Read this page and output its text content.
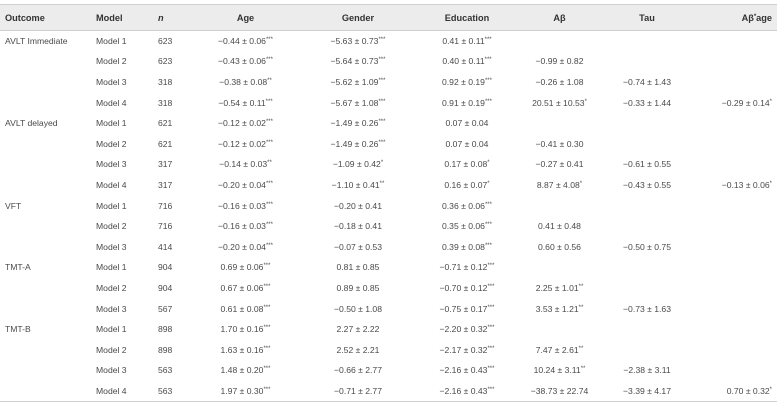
Outcome	Model	n	Age	Gender	Education	Aβ	Tau	Aβ*age
AVLT Immediate	Model 1	623	−0.44 ± 0.06***	−5.63 ± 0.73***	0.41 ± 0.11***			
	Model 2	623	−0.43 ± 0.06***	−5.64 ± 0.73***	0.40 ± 0.11***	−0.99 ± 0.82		
	Model 3	318	−0.38 ± 0.08**	−5.62 ± 1.09***	0.92 ± 0.19***	−0.26 ± 1.08	−0.74 ± 1.43	
	Model 4	318	−0.54 ± 0.11***	−5.67 ± 1.08***	0.91 ± 0.19***	20.51 ± 10.53*	−0.33 ± 1.44	−0.29 ± 0.14*
AVLT delayed	Model 1	621	−0.12 ± 0.02***	−1.49 ± 0.26***	0.07 ± 0.04			
	Model 2	621	−0.12 ± 0.02***	−1.49 ± 0.26***	0.07 ± 0.04	−0.41 ± 0.30		
	Model 3	317	−0.14 ± 0.03**	−1.09 ± 0.42*	0.17 ± 0.08*	−0.27 ± 0.41	−0.61 ± 0.55	
	Model 4	317	−0.20 ± 0.04***	−1.10 ± 0.41**	0.16 ± 0.07*	8.87 ± 4.08*	−0.43 ± 0.55	−0.13 ± 0.06*
VFT	Model 1	716	−0.16 ± 0.03***	−0.20 ± 0.41	0.36 ± 0.06***			
	Model 2	716	−0.16 ± 0.03***	−0.18 ± 0.41	0.35 ± 0.06***	0.41 ± 0.48		
	Model 3	414	−0.20 ± 0.04***	−0.07 ± 0.53	0.39 ± 0.08***	0.60 ± 0.56	−0.50 ± 0.75	
TMT-A	Model 1	904	0.69 ± 0.06***	0.81 ± 0.85	−0.71 ± 0.12***			
	Model 2	904	0.67 ± 0.06***	0.89 ± 0.85	−0.70 ± 0.12***	2.25 ± 1.01**		
	Model 3	567	0.61 ± 0.08***	−0.50 ± 1.08	−0.75 ± 0.17***	3.53 ± 1.21**	−0.73 ± 1.63	
TMT-B	Model 1	898	1.70 ± 0.16***	2.27 ± 2.22	−2.20 ± 0.32***			
	Model 2	898	1.63 ± 0.16***	2.52 ± 2.21	−2.17 ± 0.32***	7.47 ± 2.61**		
	Model 3	563	1.48 ± 0.20***	−0.66 ± 2.77	−2.16 ± 0.43***	10.24 ± 3.11**	−2.38 ± 3.11	
	Model 4	563	1.97 ± 0.30***	−0.71 ± 2.77	−2.16 ± 0.43***	−38.73 ± 22.74	−3.39 ± 4.17	0.70 ± 0.32*
